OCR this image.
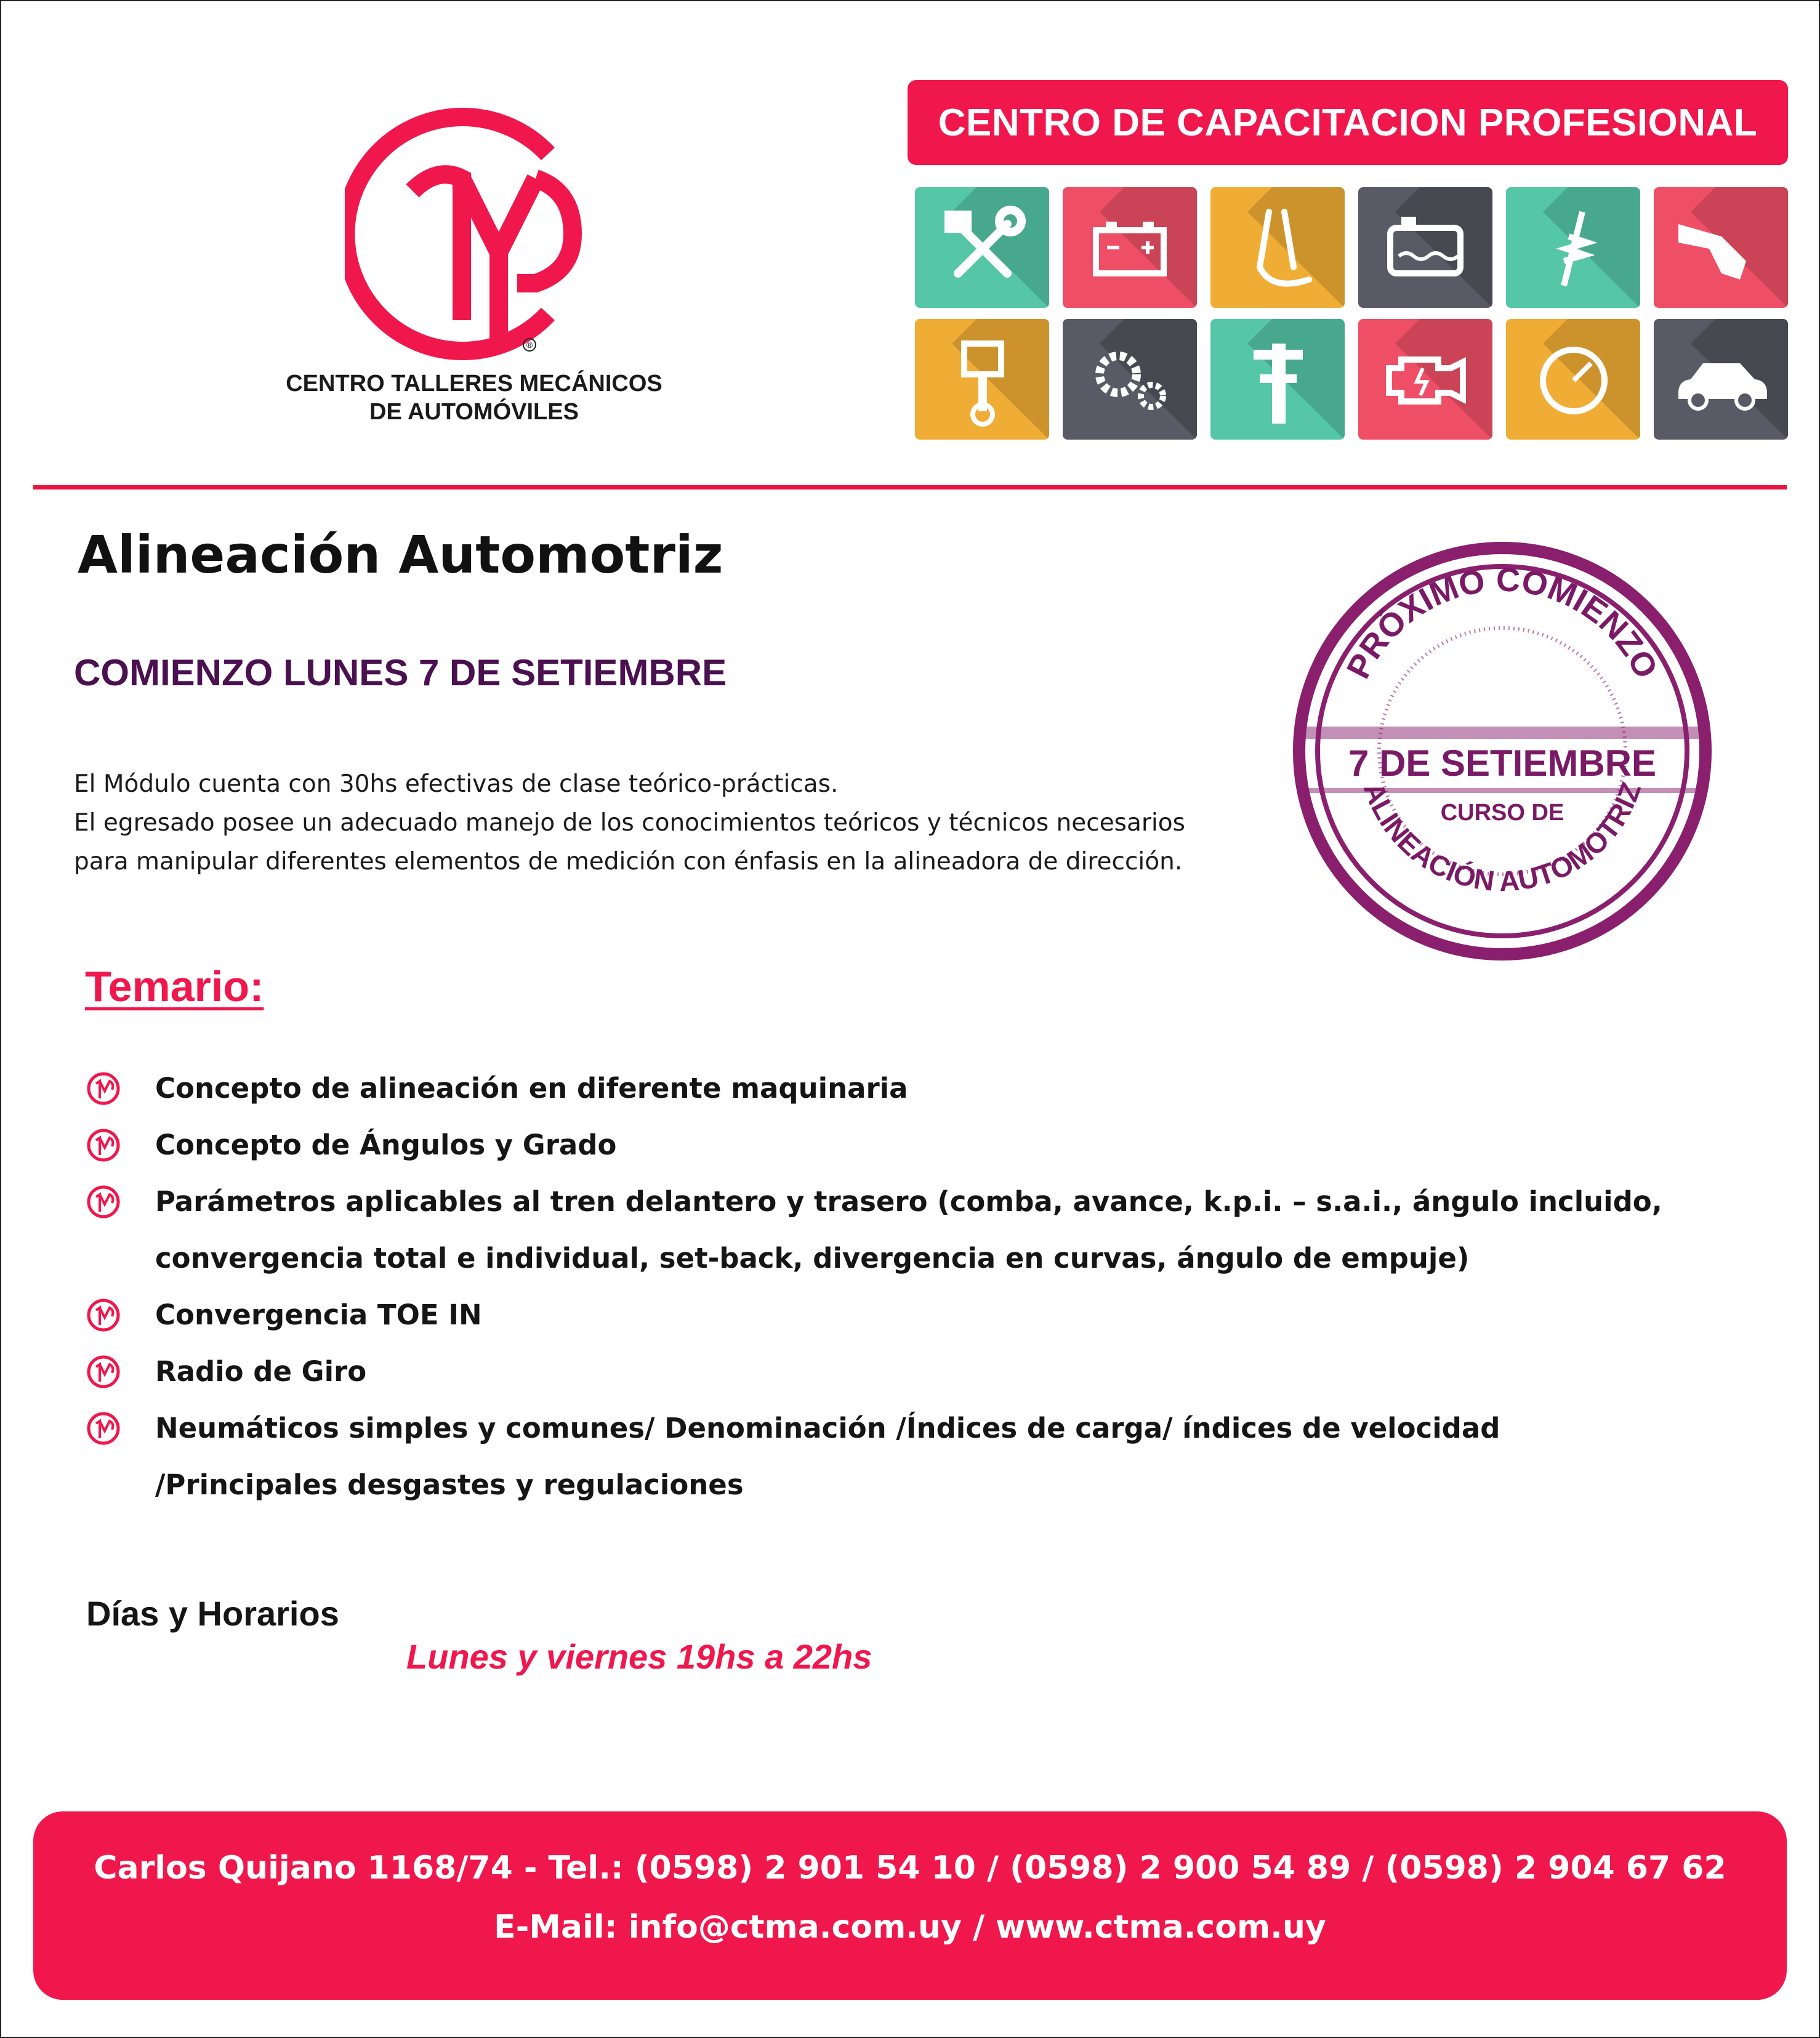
®
CENTRO TALLERES MECÁNICOS
DE AUTOMÓVILES
CENTRO DE CAPACITACION PROFESIONAL
Alineación Automotriz
COMIENZO LUNES 7 DE SETIEMBRE
El Módulo cuenta con 30hs efectivas de clase teórico-prácticas.
El egresado posee un adecuado manejo de los conocimientos teóricos y técnicos necesarios
para manipular diferentes elementos de medición con énfasis en la alineadora de dirección.
PRÓXIMO COMIENZO
7 DE SETIEMBRE
CURSO DE
ALINEACIÓN AUTOMOTRIZ
Temario:
Concepto de alineación en diferente maquinaria
Concepto de Ángulos y Grado
Parámetros aplicables al tren delantero y trasero (comba, avance, k.p.i. – s.a.i., ángulo incluido,
convergencia total e individual, set-back, divergencia en curvas, ángulo de empuje)
Convergencia TOE IN
Radio de Giro
Neumáticos simples y comunes/ Denominación /Índices de carga/ índices de velocidad
/Principales desgastes y regulaciones
Días y Horarios
Lunes y viernes 19hs a 22hs
Carlos Quijano 1168/74 - Tel.: (0598) 2 901 54 10 / (0598) 2 900 54 89 / (0598) 2 904 67 62
E-Mail: info@ctma.com.uy / www.ctma.com.uy
